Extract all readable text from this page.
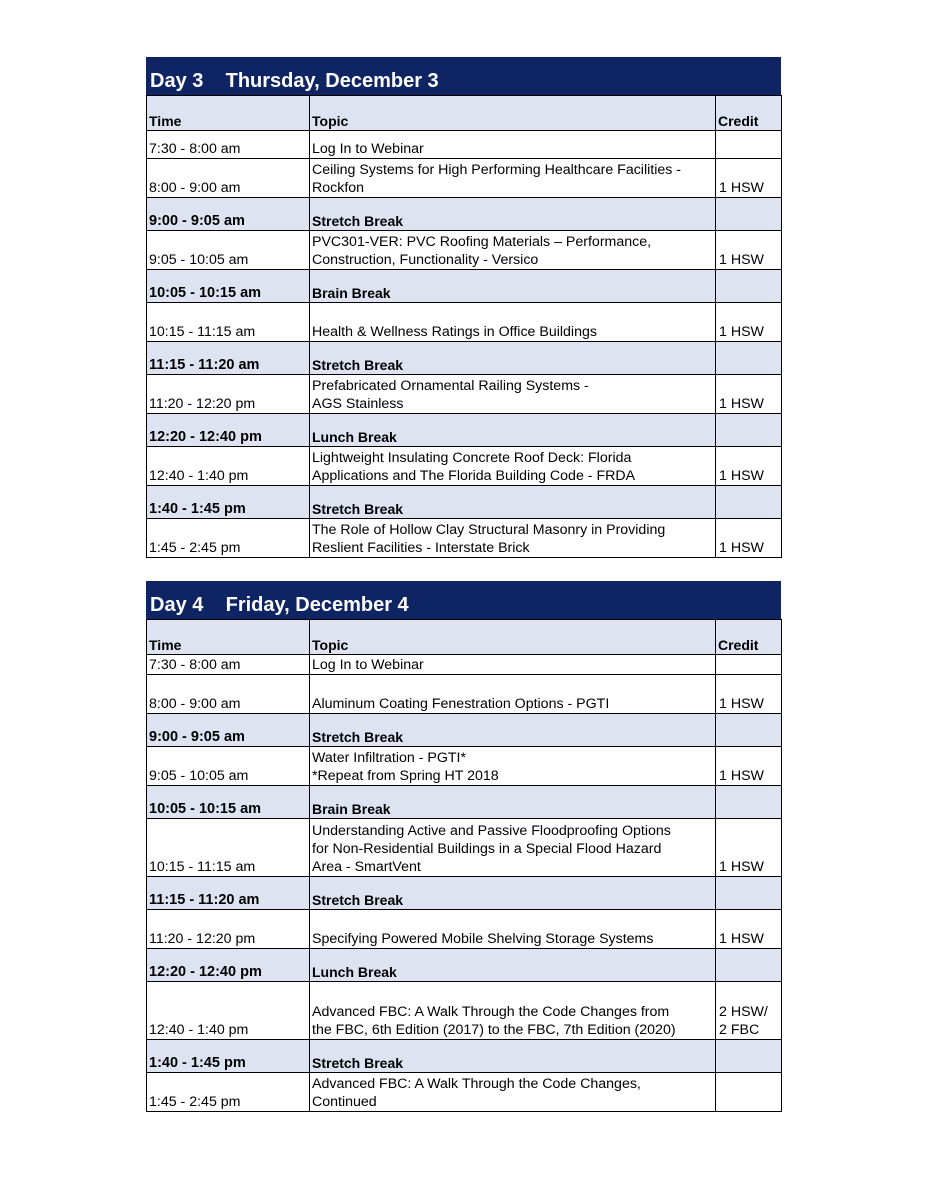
Day 3 Thursday, December 3
Time	Topic	Credit
7:30 - 8:00 am	Log In to Webinar	

8:00 - 9:00 am	Ceiling Systems for High Performing Healthcare Facilities -
Rockfon	1 HSW

9:00 - 9:05 am	Stretch Break	

9:05 - 10:05 am	PVC301-VER: PVC Roofing Materials – Performance,
Construction, Functionality - Versico	1 HSW

10:05 - 10:15 am	Brain Break	

10:15 - 11:15 am	Health & Wellness Ratings in Office Buildings	1 HSW

11:15 - 11:20 am	Stretch Break	

11:20 - 12:20 pm	Prefabricated Ornamental Railing Systems -
AGS Stainless	1 HSW

12:20 - 12:40 pm	Lunch Break	

12:40 - 1:40 pm	Lightweight Insulating Concrete Roof Deck: Florida
Applications and The Florida Building Code - FRDA	1 HSW

1:40 - 1:45 pm	Stretch Break	

1:45 - 2:45 pm	The Role of Hollow Clay Structural Masonry in Providing
Reslient Facilities - Interstate Brick	1 HSW
Day 4 Friday, December 4
Time	Topic	Credit
7:30 - 8:00 am	Log In to Webinar	

8:00 - 9:00 am	Aluminum Coating Fenestration Options - PGTI	1 HSW

9:00 - 9:05 am	Stretch Break	

9:05 - 10:05 am	Water Infiltration - PGTI*
*Repeat from Spring HT 2018	1 HSW

10:05 - 10:15 am	Brain Break	

10:15 - 11:15 am	Understanding Active and Passive Floodproofing Options
for Non-Residential Buildings in a Special Flood Hazard
Area - SmartVent	1 HSW

11:15 - 11:20 am	Stretch Break	

11:20 - 12:20 pm	Specifying Powered Mobile Shelving Storage Systems	1 HSW

12:20 - 12:40 pm	Lunch Break	

12:40 - 1:40 pm	Advanced FBC: A Walk Through the Code Changes from
the FBC, 6th Edition (2017) to the FBC, 7th Edition (2020)	2 HSW/
2 FBC

1:40 - 1:45 pm	Stretch Break	

1:45 - 2:45 pm	Advanced FBC: A Walk Through the Code Changes,
Continued	
